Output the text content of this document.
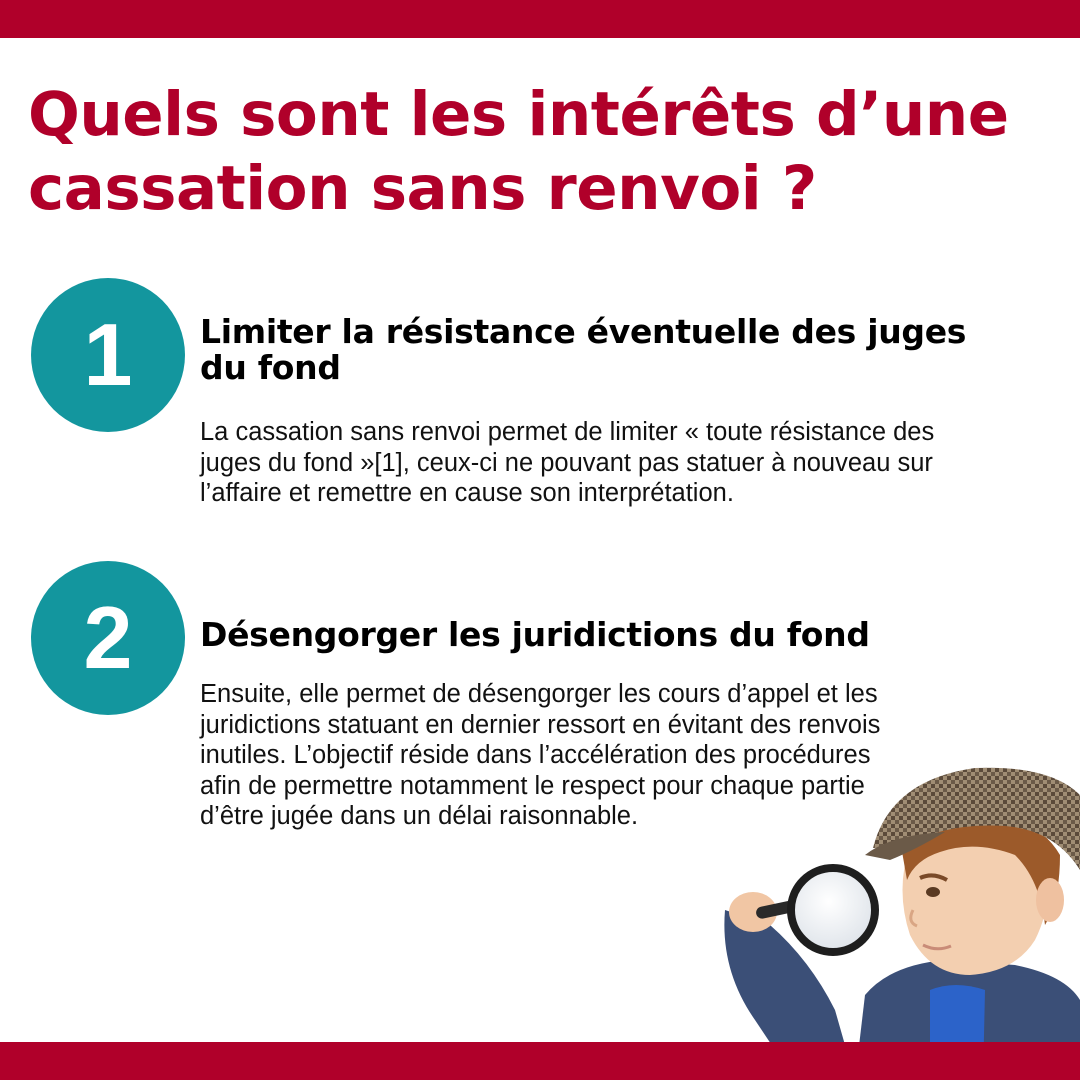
Quels sont les intérêts d’une cassation sans renvoi ?
1	Limiter la résistance éventuelle des juges du fond

La cassation sans renvoi permet de limiter « toute résistance des juges du fond »[1], ceux-ci ne pouvant pas statuer à nouveau sur l’affaire et remettre en cause son interprétation.

2	Désengorger les juridictions du fond

Ensuite, elle permet de désengorger les cours d’appel et les juridictions statuant en dernier ressort en évitant des renvois inutiles. L’objectif réside dans l’accélération des procédures afin de permettre notamment le respect pour chaque partie d’être jugée dans un délai raisonnable.
